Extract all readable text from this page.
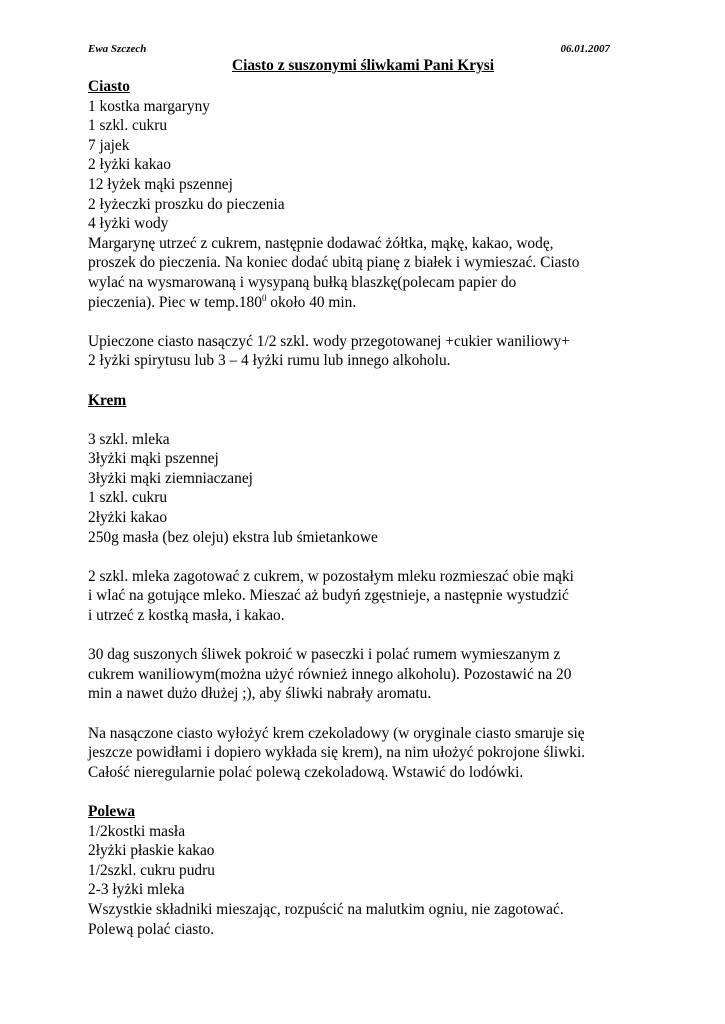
Ewa Szczech	06.01.2007
Ciasto z suszonymi śliwkami Pani Krysi
Ciasto
1 kostka margaryny
1 szkl. cukru
7 jajek
2 łyżki kakao
12 łyżek mąki pszennej
2 łyżeczki proszku do pieczenia
4 łyżki wody
Margarynę utrzeć z cukrem, następnie dodawać żółtka, mąkę, kakao, wodę,
proszek do pieczenia. Na koniec dodać ubitą pianę z białek i wymieszać. Ciasto
wylać na wysmarowaną i wysypaną bułką blaszkę(polecam papier do
pieczenia). Piec w temp.180$^0$ około 40 min.
Upieczone ciasto nasączyć 1/2 szkl. wody przegotowanej +cukier waniliowy+
2 łyżki spirytusu lub 3 – 4 łyżki rumu lub innego alkoholu.
Krem
3 szkl. mleka
3łyżki mąki pszennej
3łyżki mąki ziemniaczanej
1 szkl. cukru
2łyżki kakao
250g masła (bez oleju) ekstra lub śmietankowe
2 szkl. mleka zagotować z cukrem, w pozostałym mleku rozmieszać obie mąki
i wlać na gotujące mleko. Mieszać aż budyń zgęstnieje, a następnie wystudzić
i utrzeć z kostką masła, i kakao.
30 dag suszonych śliwek pokroić w paseczki i polać rumem wymieszanym z
cukrem waniliowym(można użyć również innego alkoholu). Pozostawić na 20
min a nawet dużo dłużej ;), aby śliwki nabrały aromatu.
Na nasączone ciasto wyłożyć krem czekoladowy (w oryginale ciasto smaruje się
jeszcze powidłami i dopiero wykłada się krem), na nim ułożyć pokrojone śliwki.
Całość nieregularnie polać polewą czekoladową. Wstawić do lodówki.
Polewa
1/2kostki masła
2łyżki płaskie kakao
1/2szkl. cukru pudru
2-3 łyżki mleka
Wszystkie składniki mieszając, rozpuścić na malutkim ogniu, nie zagotować.
Polewą polać ciasto.
